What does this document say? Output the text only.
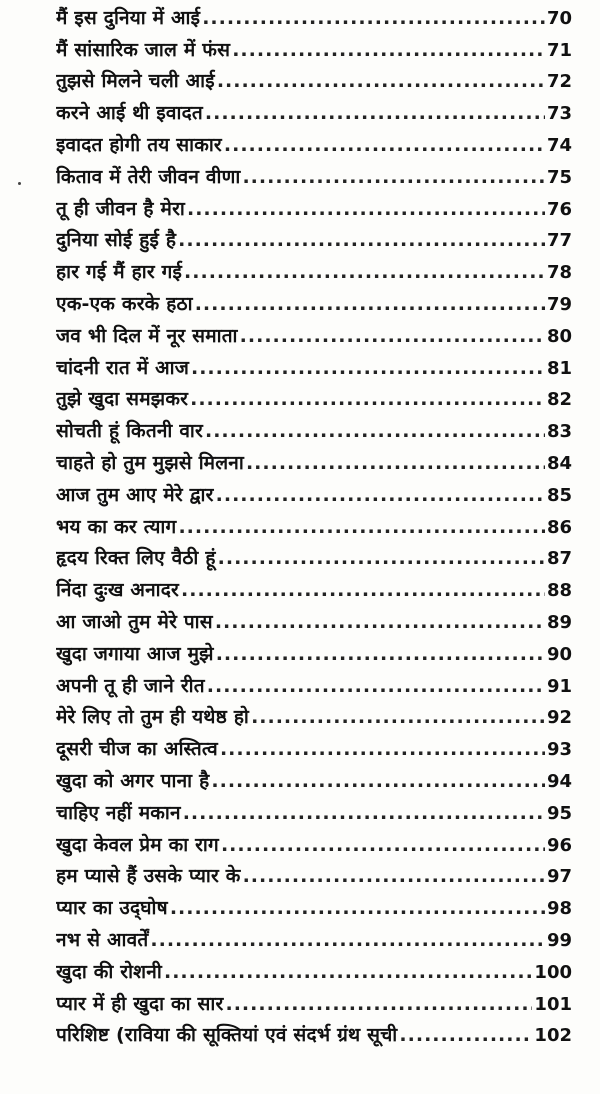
मैं इस दुनिया में आई .....	70
मैं सांसारिक जाल में फंस .....	71
तुझसे मिलने चली आई .....	72
करने आई थी इवादत .....	73
इवादत होगी तय साकार .....	74
किताव में तेरी जीवन वीणा .....	75
तू ही जीवन है मेरा .....	76
दुनिया सोई हुई है .....	77
हार गई मैं हार गई .....	78
एक-एक करके हठा .....	79
जव भी दिल में नूर समाता .....	80
चांदनी रात में आज .....	81
तुझे खुदा समझकर .....	82
सोचती हूं कितनी वार .....	83
चाहते हो तुम मुझसे मिलना .....	84
आज तुम आए मेरे द्वार .....	85
भय का कर त्याग .....	86
हृदय रिक्त लिए वैठी हूं .....	87
निंदा दुःख अनादर .....	88
आ जाओ तुम मेरे पास .....	89
खुदा जगाया आज मुझे .....	90
अपनी तू ही जाने रीत .....	91
मेरे लिए तो तुम ही यथेष्ठ हो .....	92
दूसरी चीज का अस्तित्व .....	93
खुदा को अगर पाना है .....	94
चाहिए नहीं मकान .....	95
खुदा केवल प्रेम का राग .....	96
हम प्यासे हैं उसके प्यार के .....	97
प्यार का उद्‌घोष .....	98
नभ से आवर्तें .....	99
खुदा की रोशनी .....	100
प्यार में ही खुदा का सार .....	101
परिशिष्ट (राविया की सूक्तियां एवं संदर्भ ग्रंथ सूची .....	102
